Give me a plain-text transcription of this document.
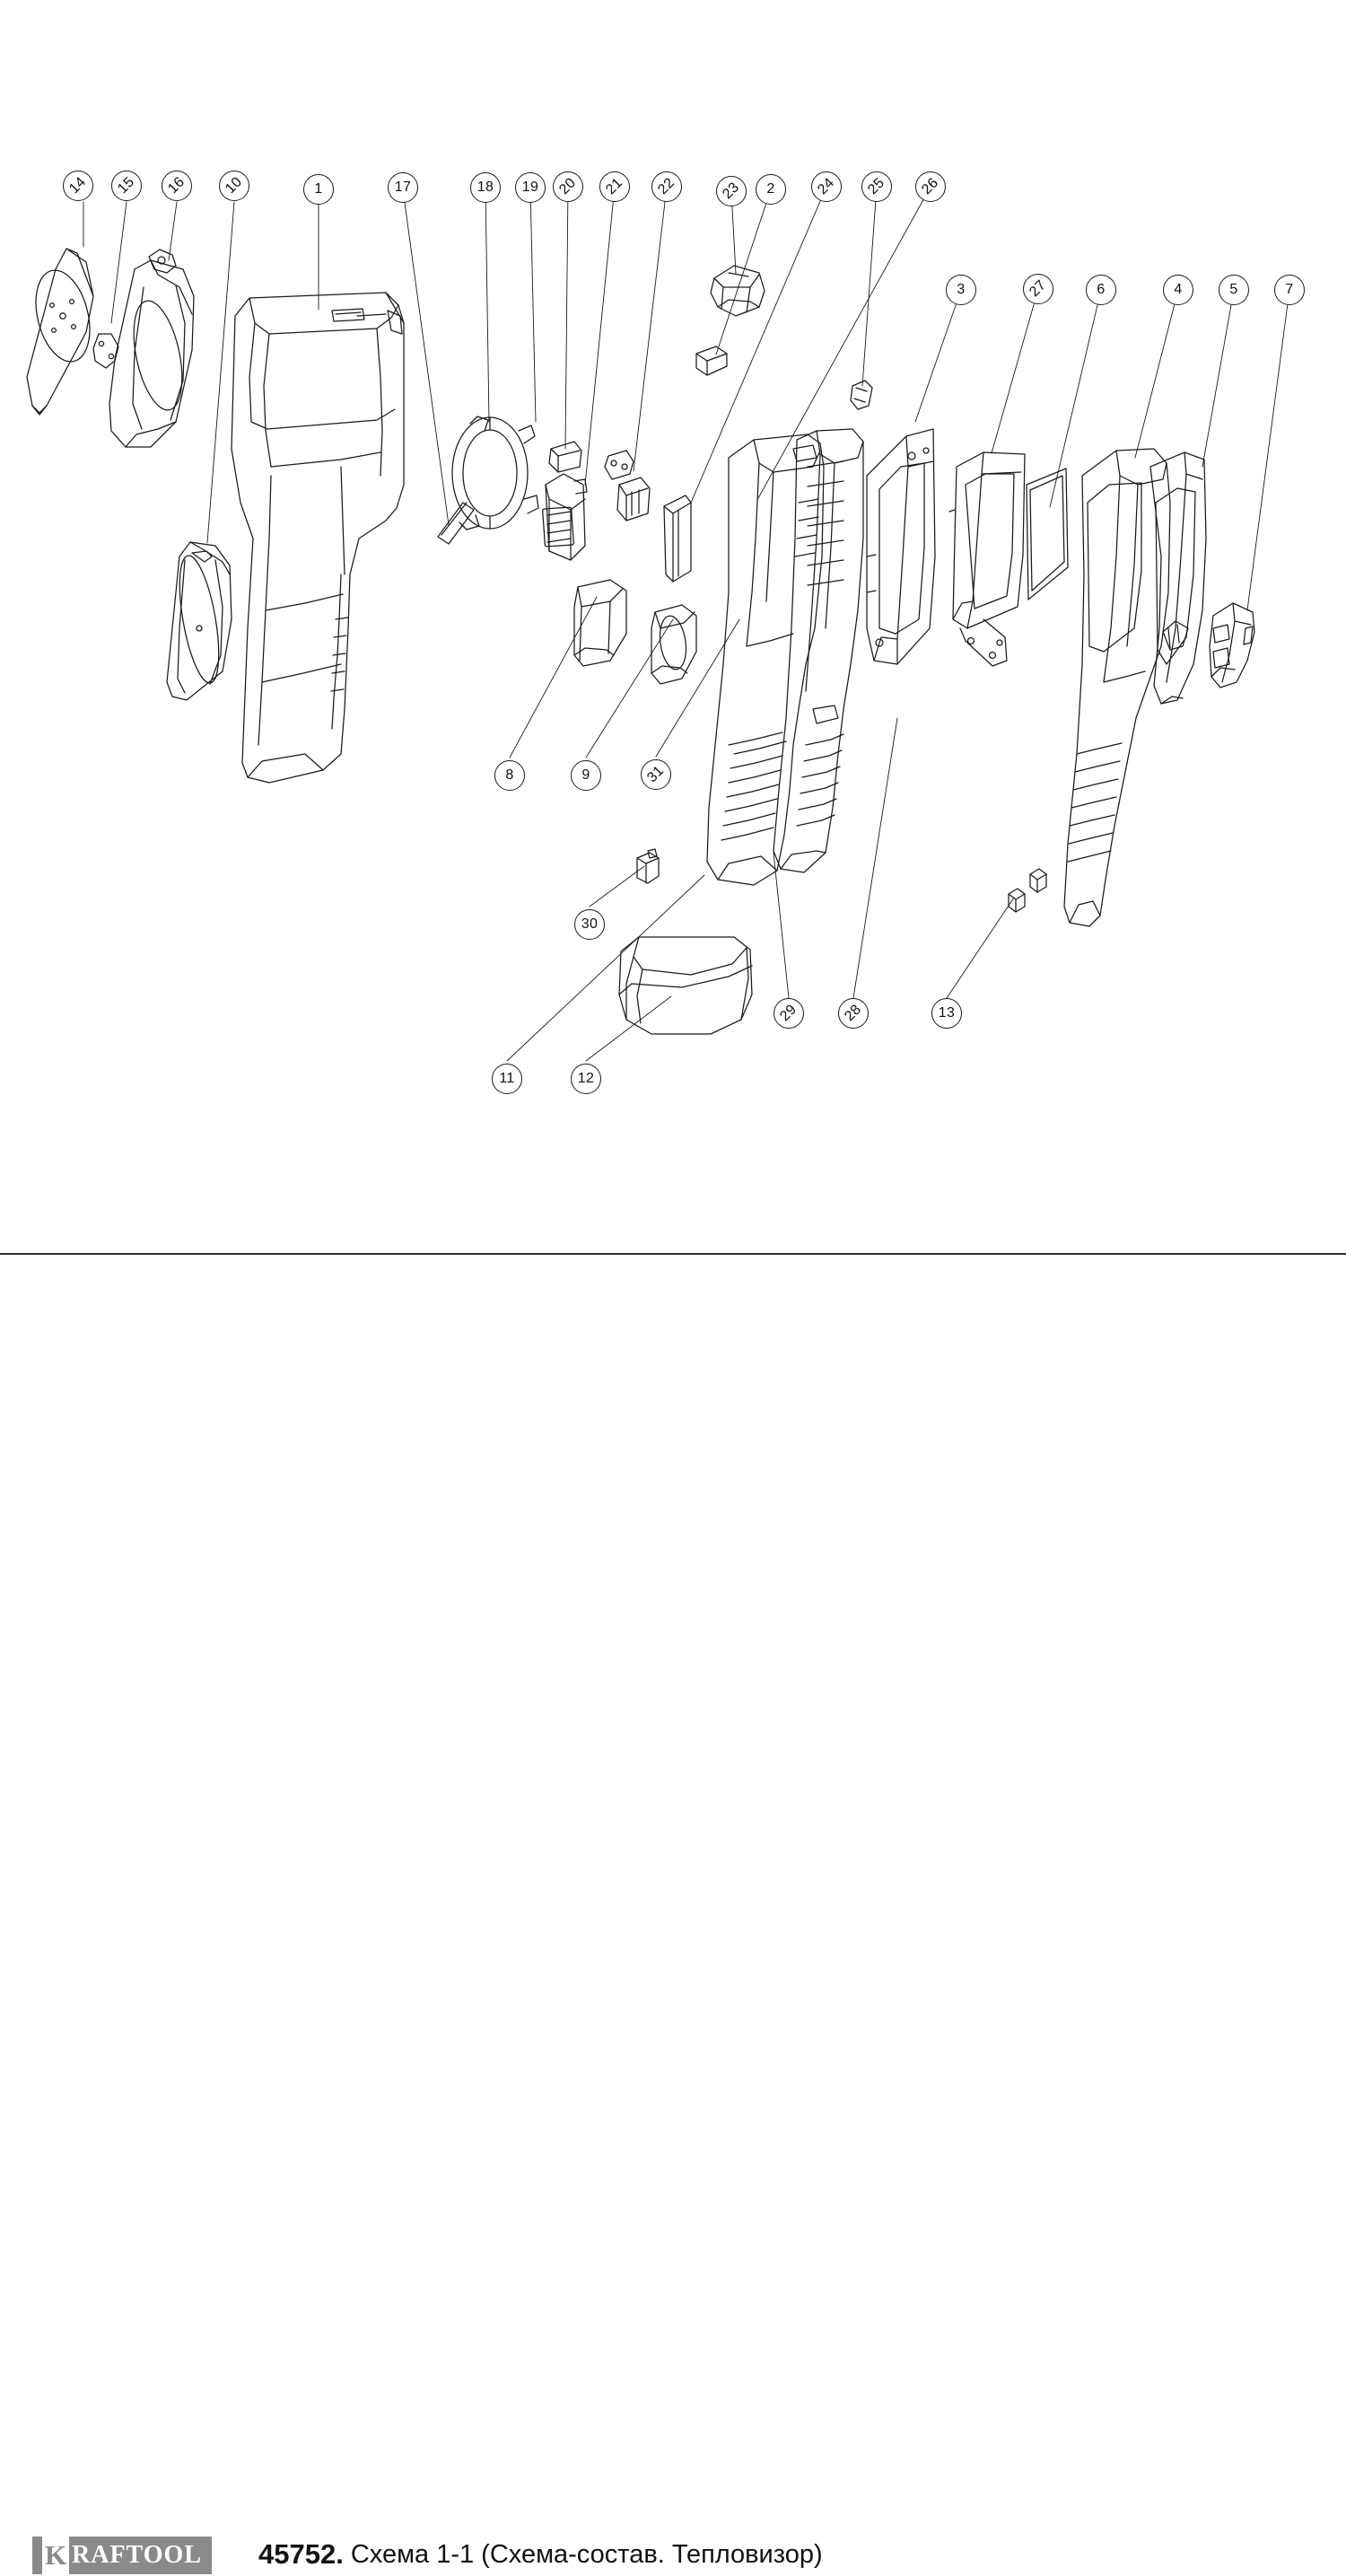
14 15 16 10	1	17	18 19 20 21 22	23 2	24 25 26
3	27	6	4	5	7
8	9	31
30
29	28	13
11	12
K RAFTOOL 45752. Схема 1-1 (Схема-состав. Тепловизор)
